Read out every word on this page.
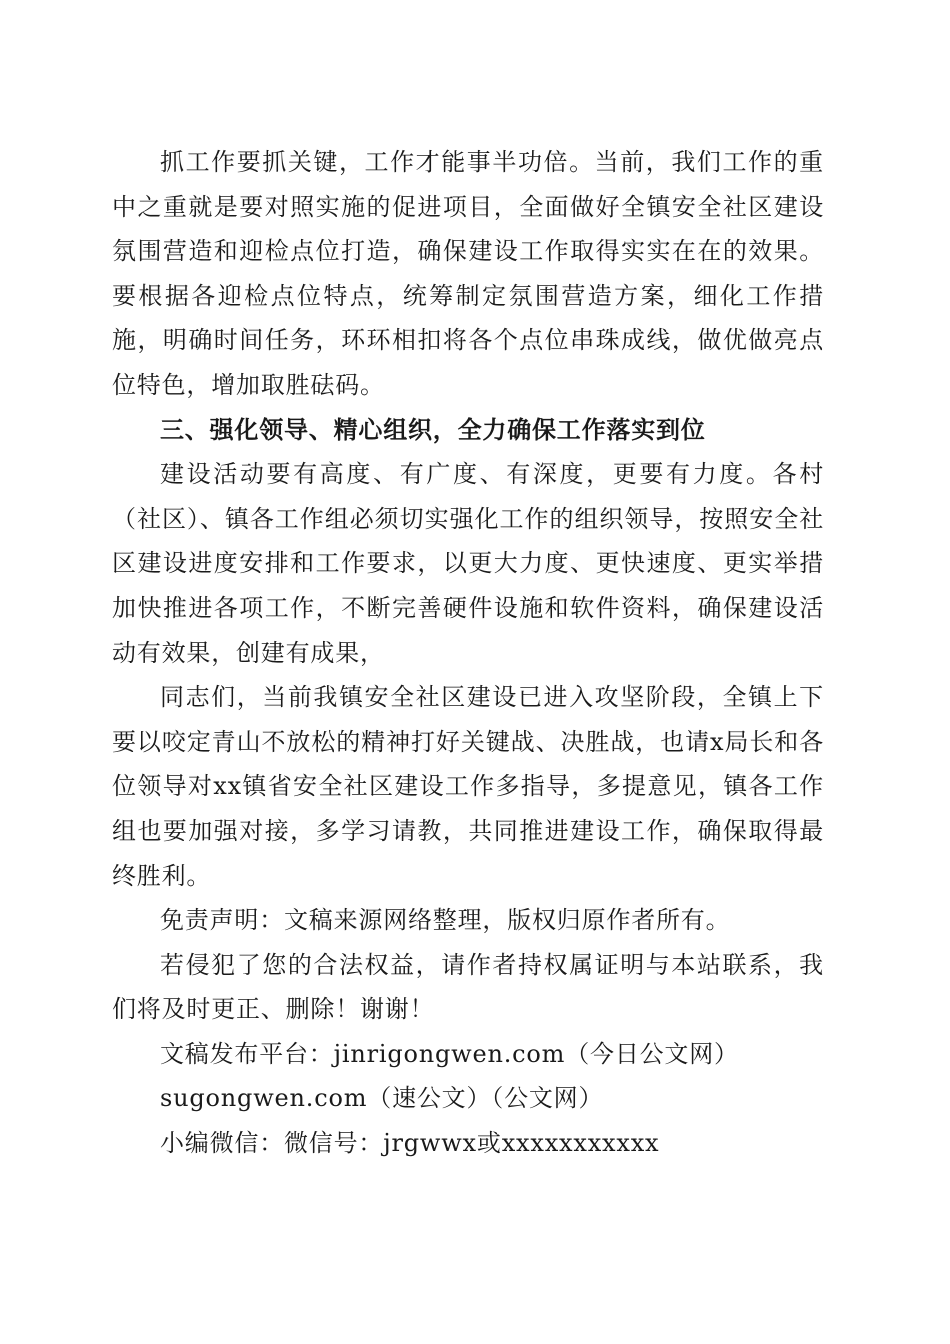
抓工作要抓关键，工作才能事半功倍。当前，我们工作的重中之重就是要对照实施的促进项目，全面做好全镇安全社区建设氛围营造和迎检点位打造，确保建设工作取得实实在在的效果。要根据各迎检点位特点，统筹制定氛围营造方案，细化工作措施，明确时间任务，环环相扣将各个点位串珠成线，做优做亮点位特色，增加取胜砝码。

三、强化领导、精心组织，全力确保工作落实到位

建设活动要有高度、有广度、有深度，更要有力度。各村（社区）、镇各工作组必须切实强化工作的组织领导，按照安全社区建设进度安排和工作要求，以更大力度、更快速度、更实举措加快推进各项工作，不断完善硬件设施和软件资料，确保建设活动有效果，创建有成果，

同志们，当前我镇安全社区建设已进入攻坚阶段，全镇上下要以咬定青山不放松的精神打好关键战、决胜战，也请x局长和各位领导对xx镇省安全社区建设工作多指导，多提意见，镇各工作组也要加强对接，多学习请教，共同推进建设工作，确保取得最终胜利。

免责声明：文稿来源网络整理，版权归原作者所有。

若侵犯了您的合法权益，请作者持权属证明与本站联系，我们将及时更正、删除！谢谢！

文稿发布平台：jinrigongwen.com（今日公文网）

sugongwen.com（速公文）（公文网）

小编微信：微信号：jrgwwx或xxxxxxxxxxx
